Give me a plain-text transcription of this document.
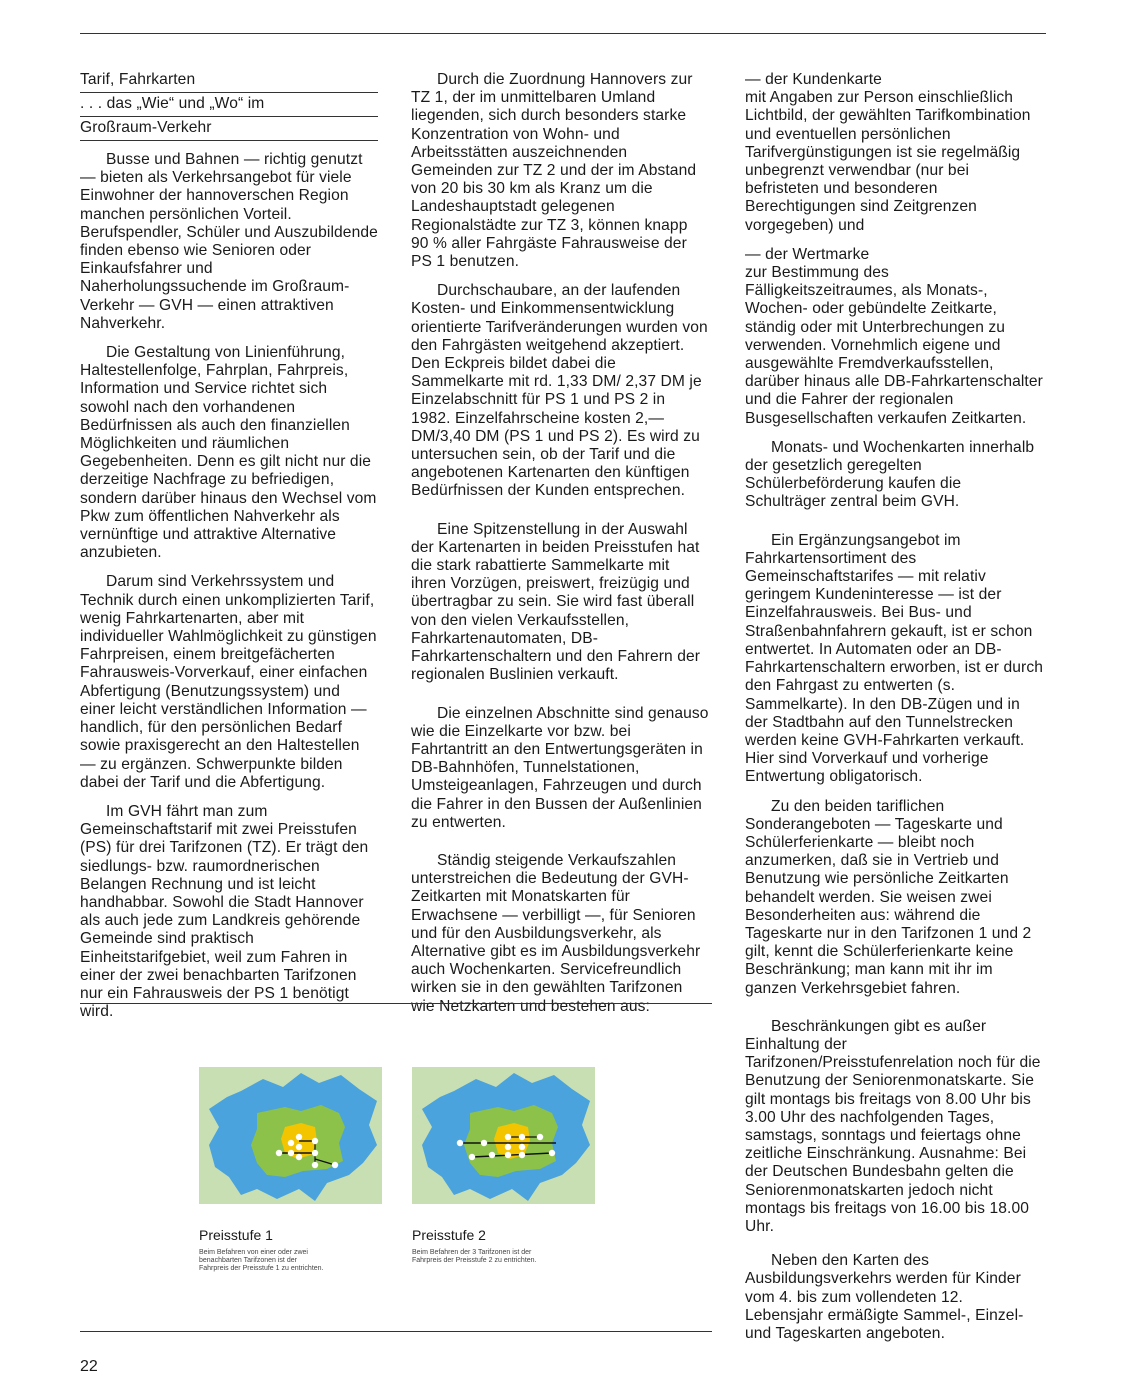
Tarif, Fahrkarten
. . . das „Wie“ und „Wo“ im
Großraum-Verkehr

Busse und Bahnen — richtig genutzt — bieten als Verkehrsangebot für viele Einwohner der hannoverschen Region manchen persönlichen Vorteil. Berufspendler, Schüler und Auszubildende finden ebenso wie Senioren oder Einkaufsfahrer und Naherholungssuchende im Großraum-Verkehr — GVH — einen attraktiven Nahverkehr.

Die Gestaltung von Linienführung, Haltestellenfolge, Fahrplan, Fahrpreis, Information und Service richtet sich sowohl nach den vorhandenen Bedürfnissen als auch den finanziellen Möglichkeiten und räumlichen Gegebenheiten. Denn es gilt nicht nur die derzeitige Nachfrage zu befriedigen, sondern darüber hinaus den Wechsel vom Pkw zum öffentlichen Nahverkehr als vernünftige und attraktive Alternative anzubieten.

Darum sind Verkehrssystem und Technik durch einen unkomplizierten Tarif, wenig Fahrkartenarten, aber mit individueller Wahlmöglichkeit zu günstigen Fahrpreisen, einem breitgefächerten Fahrausweis-Vorverkauf, einer einfachen Abfertigung (Benutzungssystem) und einer leicht verständlichen Information — handlich, für den persönlichen Bedarf sowie praxisgerecht an den Haltestellen — zu ergänzen. Schwerpunkte bilden dabei der Tarif und die Abfertigung.

Im GVH fährt man zum Gemeinschaftstarif mit zwei Preisstufen (PS) für drei Tarifzonen (TZ). Er trägt den siedlungs- bzw. raumordnerischen Belangen Rechnung und ist leicht handhabbar. Sowohl die Stadt Hannover als auch jede zum Landkreis gehörende Gemeinde sind praktisch Einheitstarifgebiet, weil zum Fahren in einer der zwei benachbarten Tarifzonen nur ein Fahrausweis der PS 1 benötigt wird.

Durch die Zuordnung Hannovers zur TZ 1, der im unmittelbaren Umland liegenden, sich durch besonders starke Konzentration von Wohn- und Arbeitsstätten auszeichnenden Gemeinden zur TZ 2 und der im Abstand von 20 bis 30 km als Kranz um die Landeshauptstadt gelegenen Regionalstädte zur TZ 3, können knapp 90 % aller Fahrgäste Fahrausweise der PS 1 benutzen.

Durchschaubare, an der laufenden Kosten- und Einkommensentwicklung orientierte Tarifveränderungen wurden von den Fahrgästen weitgehend akzeptiert. Den Eckpreis bildet dabei die Sammelkarte mit rd. 1,33 DM/ 2,37 DM je Einzelabschnitt für PS 1 und PS 2 in 1982. Einzelfahrscheine kosten 2,— DM/3,40 DM (PS 1 und PS 2). Es wird zu untersuchen sein, ob der Tarif und die angebotenen Kartenarten den künftigen Bedürfnissen der Kunden entsprechen.

Eine Spitzenstellung in der Auswahl der Kartenarten in beiden Preisstufen hat die stark rabattierte Sammelkarte mit ihren Vorzügen, preiswert, freizügig und übertragbar zu sein. Sie wird fast überall von den vielen Verkaufsstellen, Fahrkartenautomaten, DB-Fahrkartenschaltern und den Fahrern der regionalen Buslinien verkauft.

Die einzelnen Abschnitte sind genauso wie die Einzelkarte vor bzw. bei Fahrtantritt an den Entwertungsgeräten in DB-Bahnhöfen, Tunnelstationen, Umsteigeanlagen, Fahrzeugen und durch die Fahrer in den Bussen der Außenlinien zu entwerten.

Ständig steigende Verkaufszahlen unterstreichen die Bedeutung der GVH-Zeitkarten mit Monatskarten für Erwachsene — verbilligt —, für Senioren und für den Ausbildungsverkehr, als Alternative gibt es im Ausbildungsverkehr auch Wochenkarten. Servicefreundlich wirken sie in den gewählten Tarifzonen wie Netzkarten und bestehen aus:

— der Kundenkarte

mit Angaben zur Person einschließlich Lichtbild, der gewählten Tarifkombination und eventuellen persönlichen Tarifvergünstigungen ist sie regelmäßig unbegrenzt verwendbar (nur bei befristeten und besonderen Berechtigungen sind Zeitgrenzen vorgegeben) und

— der Wertmarke

zur Bestimmung des Fälligkeitszeitraumes, als Monats-, Wochen- oder gebündelte Zeitkarte, ständig oder mit Unterbrechungen zu verwenden. Vornehmlich eigene und ausgewählte Fremdverkaufsstellen, darüber hinaus alle DB-Fahrkartenschalter und die Fahrer der regionalen Busgesellschaften verkaufen Zeitkarten.

Monats- und Wochenkarten innerhalb der gesetzlich geregelten Schülerbeförderung kaufen die Schulträger zentral beim GVH.

Ein Ergänzungsangebot im Fahrkartensortiment des Gemeinschaftstarifes — mit relativ geringem Kundeninteresse — ist der Einzelfahrausweis. Bei Bus- und Straßenbahnfahrern gekauft, ist er schon entwertet. In Automaten oder an DB-Fahrkartenschaltern erworben, ist er durch den Fahrgast zu entwerten (s. Sammelkarte). In den DB-Zügen und in der Stadtbahn auf den Tunnelstrecken werden keine GVH-Fahrkarten verkauft. Hier sind Vorverkauf und vorherige Entwertung obligatorisch.

Zu den beiden tariflichen Sonderangeboten — Tageskarte und Schülerferienkarte — bleibt noch anzumerken, daß sie in Vertrieb und Benutzung wie persönliche Zeitkarten behandelt werden. Sie weisen zwei Besonderheiten aus: während die Tageskarte nur in den Tarifzonen 1 und 2 gilt, kennt die Schülerferienkarte keine Beschränkung; man kann mit ihr im ganzen Verkehrsgebiet fahren.

Beschränkungen gibt es außer Einhaltung der Tarifzonen/Preisstufenrelation noch für die Benutzung der Seniorenmonatskarte. Sie gilt montags bis freitags von 8.00 Uhr bis 3.00 Uhr des nachfolgenden Tages, samstags, sonntags und feiertags ohne zeitliche Einschränkung. Ausnahme: Bei der Deutschen Bundesbahn gelten die Seniorenmonatskarten jedoch nicht montags bis freitags von 16.00 bis 18.00 Uhr.

Neben den Karten des Ausbildungsverkehrs werden für Kinder vom 4. bis zum vollendeten 12. Lebensjahr ermäßigte Sammel-, Einzel- und Tageskarten angeboten.

Preisstufe 1
Beim Befahren von einer oder zwei benachbarten Tarifzonen ist der Fahrpreis der Preisstufe 1 zu entrichten.
Preisstufe 2
Beim Befahren der 3 Tarifzonen ist der Fahrpreis der Preisstufe 2 zu entrichten.
22
